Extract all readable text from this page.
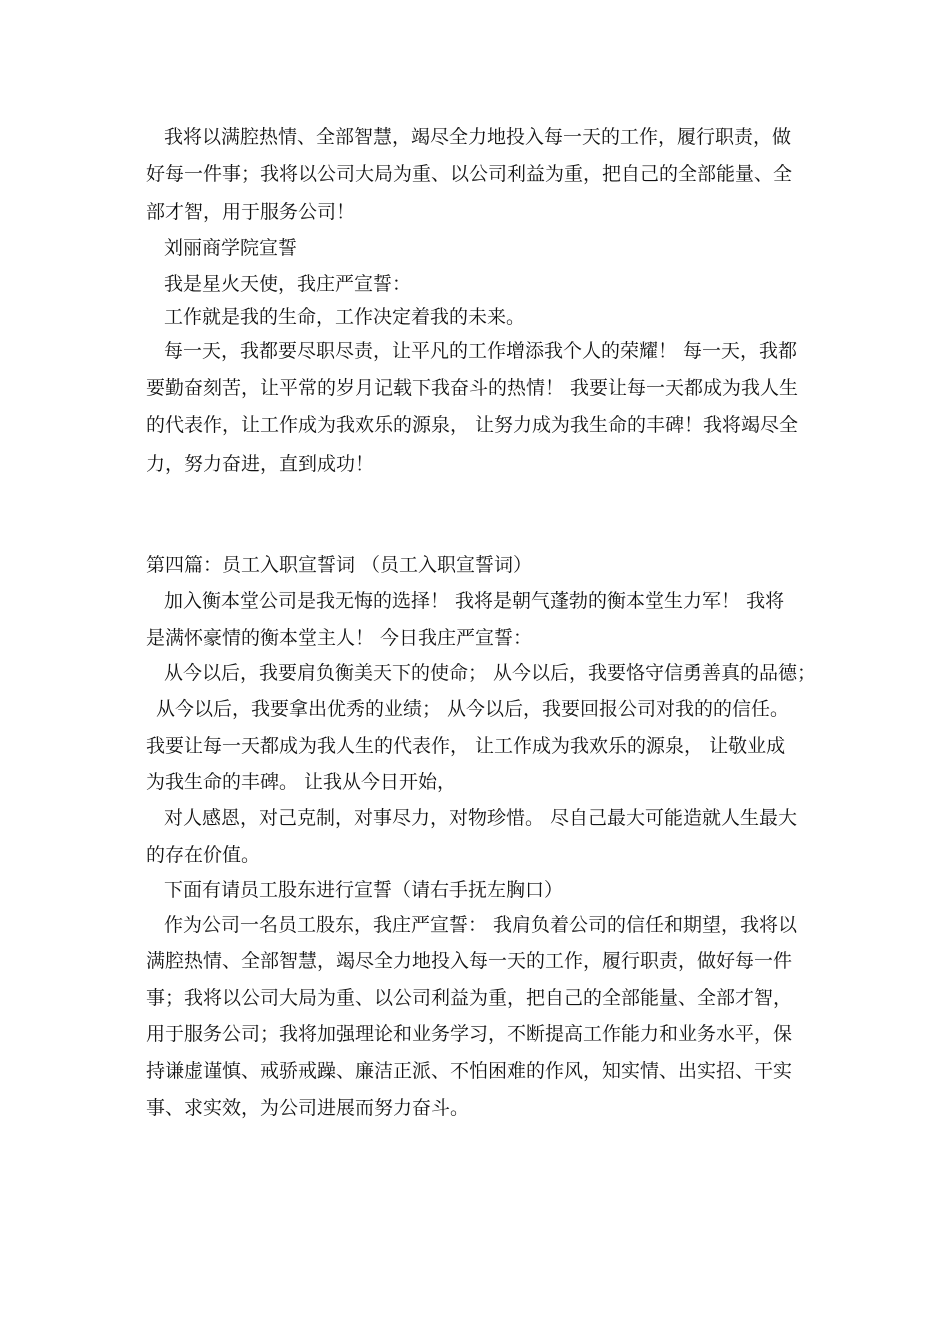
我将以满腔热情、全部智慧，竭尽全力地投入每一天的工作，履行职责，做
好每一件事；我将以公司大局为重、以公司利益为重，把自己的全部能量、全
部才智，用于服务公司！
刘丽商学院宣誓
我是星火天使，我庄严宣誓：
工作就是我的生命，工作决定着我的未来。
每一天，我都要尽职尽责，让平凡的工作增添我个人的荣耀！ 每一天，我都
要勤奋刻苦，让平常的岁月记载下我奋斗的热情！ 我要让每一天都成为我人生
的代表作，让工作成为我欢乐的源泉， 让努力成为我生命的丰碑！我将竭尽全
力，努力奋进，直到成功！
第四篇：员工入职宣誓词 （员工入职宣誓词）
加入衡本堂公司是我无悔的选择！ 我将是朝气蓬勃的衡本堂生力军！ 我将
是满怀豪情的衡本堂主人！ 今日我庄严宣誓：
从今以后，我要肩负衡美天下的使命； 从今以后，我要恪守信勇善真的品德；
从今以后，我要拿出优秀的业绩； 从今以后，我要回报公司对我的的信任。
我要让每一天都成为我人生的代表作， 让工作成为我欢乐的源泉， 让敬业成
为我生命的丰碑。 让我从今日开始，
对人感恩，对己克制，对事尽力，对物珍惜。 尽自己最大可能造就人生最大
的存在价值。
下面有请员工股东进行宣誓（请右手抚左胸口）
作为公司一名员工股东，我庄严宣誓： 我肩负着公司的信任和期望，我将以
满腔热情、全部智慧，竭尽全力地投入每一天的工作，履行职责，做好每一件
事；我将以公司大局为重、以公司利益为重，把自己的全部能量、全部才智，
用于服务公司；我将加强理论和业务学习，不断提高工作能力和业务水平，保
持谦虚谨慎、戒骄戒躁、廉洁正派、不怕困难的作风，知实情、出实招、干实
事、求实效，为公司进展而努力奋斗。
